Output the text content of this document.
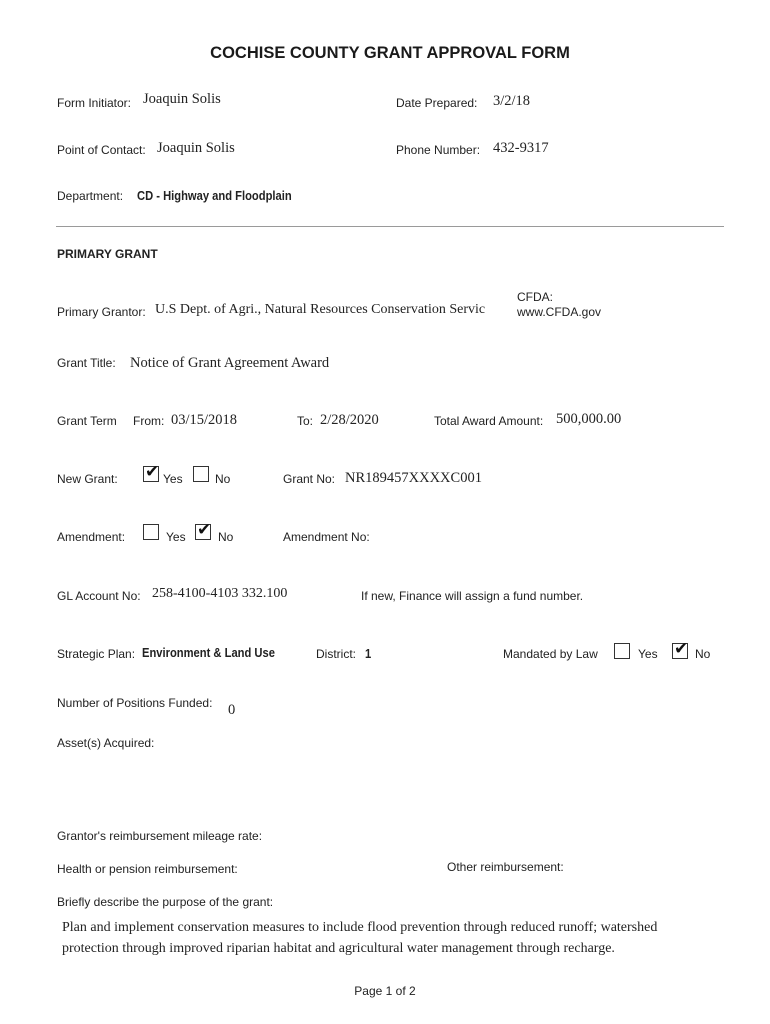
COCHISE COUNTY GRANT APPROVAL FORM
Form Initiator: Joaquin Solis	Date Prepared: 3/2/18
Point of Contact: Joaquin Solis	Phone Number: 432-9317
Department: CD - Highway and Floodplain
PRIMARY GRANT
Primary Grantor: U.S Dept. of Agri., Natural Resources Conservation Servic
CFDA:
www.CFDA.gov
Grant Title: Notice of Grant Agreement Award
Grant Term From: 03/15/2018	To: 2/28/2020	Total Award Amount: 500,000.00
New Grant: ✔ Yes	No	Grant No: NR189457XXXXC001
Amendment:	Yes ✔ No	Amendment No:
GL Account No: 258-4100-4103 332.100	If new, Finance will assign a fund number.
Strategic Plan: Environment & Land Use	District: 1	Mandated by Law	Yes ✔ No
Number of Positions Funded: 0
Asset(s) Acquired:
Grantor's reimbursement mileage rate:
Health or pension reimbursement:	Other reimbursement:
Briefly describe the purpose of the grant:
Plan and implement conservation measures to include flood prevention through reduced runoff; watershed
protection through improved riparian habitat and agricultural water management through recharge.
Page 1 of 2
